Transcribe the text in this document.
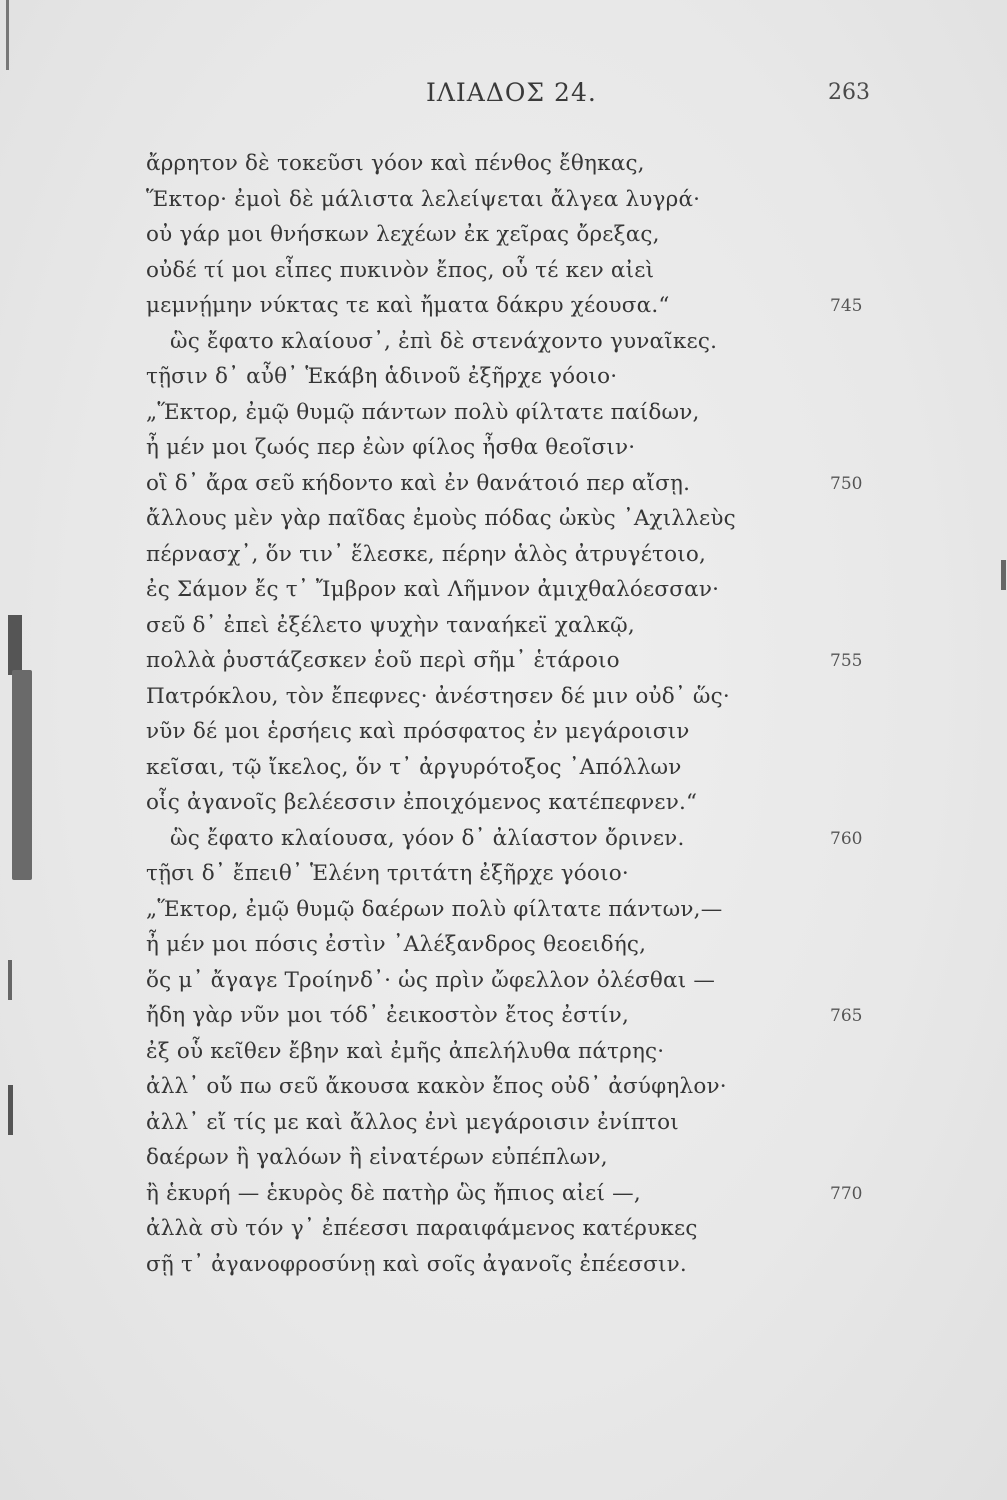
ΙΛΙΑΔΟΣ 24.	263
ἄρρητον δὲ τοκεῦσι γόον καὶ πένθος ἔθηκας,
Ἕκτορ· ἐμοὶ δὲ μάλιστα λελείψεται ἄλγεα λυγρά·
οὐ γάρ μοι θνήσκων λεχέων ἐκ χεῖρας ὄρεξας,
οὐδέ τί μοι εἶπες πυκινὸν ἔπος, οὗ τέ κεν αἰεὶ
μεμνῄμην νύκτας τε καὶ ἤματα δάκρυ χέουσα.“
ὣς ἔφατο κλαίουσ᾽, ἐπὶ δὲ στενάχοντο γυναῖκες.
τῇσιν δ᾽ αὖθ᾽ Ἑκάβη ἁδινοῦ ἐξῆρχε γόοιο·
„Ἕκτορ, ἐμῷ θυμῷ πάντων πολὺ φίλτατε παίδων,
ἦ μέν μοι ζωός περ ἐὼν φίλος ἦσθα θεοῖσιν·
οἳ δ᾽ ἄρα σεῦ κήδοντο καὶ ἐν θανάτοιό περ αἴσῃ.
ἄλλους μὲν γὰρ παῖδας ἐμοὺς πόδας ὠκὺς ᾿Αχιλλεὺς
πέρνασχ᾽, ὅν τιν᾽ ἕλεσκε, πέρην ἁλὸς ἀτρυγέτοιο,
ἐς Σάμον ἔς τ᾽ Ἴμβρον καὶ Λῆμνον ἀμιχθαλόεσσαν·
σεῦ δ᾽ ἐπεὶ ἐξέλετο ψυχὴν ταναήκεϊ χαλκῷ,
πολλὰ ῥυστάζεσκεν ἑοῦ περὶ σῆμ᾽ ἑτάροιο
Πατρόκλου, τὸν ἔπεφνες· ἀνέστησεν δέ μιν οὐδ᾽ ὥς·
νῦν δέ μοι ἑρσήεις καὶ πρόσφατος ἐν μεγάροισιν
κεῖσαι, τῷ ἴκελος, ὅν τ᾽ ἀργυρότοξος ᾿Απόλλων
οἷς ἀγανοῖς βελέεσσιν ἐποιχόμενος κατέπεφνεν.“
ὣς ἔφατο κλαίουσα, γόον δ᾽ ἀλίαστον ὄρινεν.
τῇσι δ᾽ ἔπειθ᾽ Ἑλένη τριτάτη ἐξῆρχε γόοιο·
„Ἕκτορ, ἐμῷ θυμῷ δαέρων πολὺ φίλτατε πάντων,—
ἦ μέν μοι πόσις ἐστὶν ᾿Αλέξανδρος θεοειδής,
ὅς μ᾽ ἄγαγε Τροίηνδ᾽· ὡς πρὶν ὤφελλον ὀλέσθαι —
ἤδη γὰρ νῦν μοι τόδ᾽ ἐεικοστὸν ἔτος ἐστίν,
ἐξ οὗ κεῖθεν ἔβην καὶ ἐμῆς ἀπελήλυθα πάτρης·
ἀλλ᾽ οὔ πω σεῦ ἄκουσα κακὸν ἔπος οὐδ᾽ ἀσύφηλον·
ἀλλ᾽ εἴ τίς με καὶ ἄλλος ἐνὶ μεγάροισιν ἐνίπτοι
δαέρων ἢ γαλόων ἢ εἰνατέρων εὐπέπλων,
ἢ ἑκυρή — ἑκυρὸς δὲ πατὴρ ὣς ἤπιος αἰεί —,
ἀλλὰ σὺ τόν γ᾽ ἐπέεσσι παραιφάμενος κατέρυκες
σῇ τ᾽ ἀγανοφροσύνῃ καὶ σοῖς ἀγανοῖς ἐπέεσσιν.
745
750
755
760
765
770
